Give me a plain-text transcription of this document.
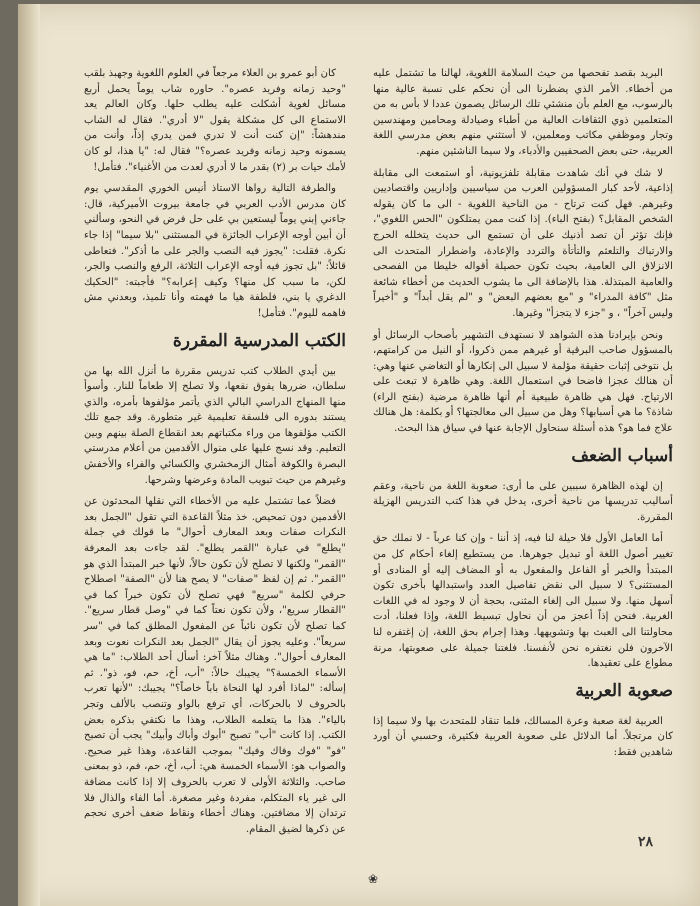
البريد بقصد تفحصها من حيث السلامة اللغوية، لهالنا ما تشتمل عليه من أخطاء. الأمر الذي يضطرنا الى أن نحكم على نسبة عالية منها بالرسوب، مع العلم بأن منشئي تلك الرسائل يصمون عددا لا بأس به من المتعلمين ذوي الثقافات العالية من أطباء وصيادلة ومحامين ومهندسين وتجار وموظفي مكاتب ومعلمين، لا أستثني منهم بعض مدرسي اللغة العربية، حتى بعض الصحفيين والأدباء، ولا سيما الناشئين منهم.

لا شك في أنك شاهدت مقابلة تلفزيونية، أو استمعت الى مقابلة إذاعية، لأحد كبار المسؤولين العرب من سياسيين وإداريين واقتصاديين وغيرهم. فهل كنت ترتاح - من الناحية اللغوية - الى ما كان يقوله الشخص المقابل؟ (بفتح الباء). إذا كنت ممن يمتلكون "الحس اللغوي"، فإنك تؤثر أن تصد أذنيك على أن تستمع الى حديث يتخلله الحرج والارتباك والتلعثم والتأتأة والتردد والإعادة، واضطرار المتحدث الى الانزلاق الى العامية، بحيث تكون حصيلة أقواله خليطا من الفصحى والعامية المبتذلة. هذا بالإضافة الى ما يشوب الحديث من أخطاء شائعة مثل "كافة المدراء" و "مع بعضهم البعض" و "لم يقل أبداً" و "أخيراً وليس آخراً" ، و "جزء لا يتجزأ" وغيرها.

ونحن بإيرادنا هذه الشواهد لا نستهدف التشهير بأصحاب الرسائل أو بالمسؤول صاحب البرقية أو غيرهم ممن ذكروا، أو النيل من كرامتهم، بل نتوخى إثبات حقيقة مؤلمة لا سبيل الى إنكارها أو التغاضي عنها وهي: أن هنالك عجزا فاضحا في استعمال اللغة. وهي ظاهرة لا تبعث على الارتياح. فهل هي ظاهرة طبيعية أم أنها ظاهرة مرضية (بفتح الراء) شاذة؟ ما هي أسبابها؟ وهل من سبيل الى معالجتها؟ أو بكلمة: هل هنالك علاج فما هو؟ هذه أسئلة سنحاول الإجابة عنها في سياق هذا البحث.

أسباب الضعف

إن لهذه الظاهرة سببين على ما أرى: صعوبة اللغة من ناحية، وعقم أساليب تدريسها من ناحية أخرى، يدخل في هذا كتب التدريس الهزيلة المقررة.

أما العامل الأول فلا حيلة لنا فيه، إذ أننا - وإن كنا عرباً - لا نملك حق تغيير أصول اللغة أو تبديل جوهرها. من يستطيع إلغاء أحكام كل من المبتدأ والخبر أو الفاعل والمفعول به أو المضاف إليه أو المنادى أو المستثنى؟ لا سبيل الى نقض تفاصيل العدد واستبدالها بأخرى تكون أسهل منها. ولا سبيل الى إلغاء المثنى، بحجة أن لا وجود له في اللغات الغربية. فنحن إذاً أعجز من أن نحاول تبسيط اللغة، وإذا فعلنا، أدت محاولتنا الى العبث بها وتشويهها. وهذا إجرام بحق اللغة، إن إغتفره لنا الآخرون فلن نغتفره نحن لأنفسنا. فلغتنا جميلة على صعوبتها، مرنة مطواع على تعقيدها.

صعوبة العربية

العربية لغة صعبة وعرة المسالك، فلما تنقاد للمتحدث بها ولا سيما إذا كان مرتجلاً. أما الدلائل على صعوبة العربية فكثيرة، وحسبي أن أورد شاهدين فقط:

كان أبو عمرو بن العلاء مرجعاً في العلوم اللغوية وجهبذ بلقب "وحيد زمانه وفريد عصره". حاوره شاب يوماً يحمل أربع مسائل لغوية أشكلت عليه يطلب حلها. وكان العالم يعد الاستماع الى كل مشكلة يقول "لا أدري". فقال له الشاب مندهشاً: "إن كنت أنت لا تدري فمن يدري إذاً، وأنت من يسمونه وحيد زمانه وفريد عصره؟" فقال له: "يا هذا، لو كان لأمك حيات بر (٢) بقدر ما لا أدري لعدت من الأغنياء". فتأمل!

والطرفة التالية رواها الاستاذ أنيس الخوري المقدسي يوم كان مدرس الأدب العربي في جامعة بيروت الأميركية، قال: جاءني إبني يوماً ليستعين بي على حل فرض في النحو، وسألني أن أبين أوجه الإعراب الجائزة في المستثنى "بلا سيما" إذا جاء نكرة. فقلت: "يجوز فيه النصب والجر على ما أذكر". فتعاطى قائلاً: "بل تجوز فيه أوجه الإعراب الثلاثة، الرفع والنصب والجر، لكن، ما سبب كل منها؟ وكيف إعرابه؟" فأجبته: "الحكيك الدغري يا بني، فلطفة هيا ما فهمته وأنا تلميذ، وبعدني مش فاهمه لليوم". فتأمل!

الكتب المدرسية المقررة

بين أيدي الطلاب كتب تدريس مقررة ما أنزل الله بها من سلطان، ضررها يفوق نفعها، ولا تصلح إلا طعاماً للنار. وأسوأ منها المنهاج الدراسي البالي الذي يأتمر مؤلفوها بأمره، والذي يستند بدوره الى فلسفة تعليمية غير متطورة. وقد جمع تلك الكتب مؤلفوها من وراء مكتباتهم بعد انقطاع الصلة بينهم وبين التعليم. وقد نسج عليها على منوال الأقدمين من أعلام مدرستي البصرة والكوفة أمثال الزمخشري والكسائي والفراء والأخفش وغيرهم من حيث تبويب المادة وعرضها وشرحها.

فضلاً عما تشتمل عليه من الأخطاء التي نقلها المحدثون عن الأقدمين دون تمحيص. خذ مثلاً القاعدة التي تقول "الجمل بعد النكرات صفات وبعد المعارف أحوال" ما قولك في جملة "يطلع" في عبارة "القمر يطلع". لقد جاءت بعد المعرفة "القمر" ولكنها لا تصلح لأن تكون حالاً، لأنها خبر المبتدأ الذي هو "القمر". ثم إن لفظ "صفات" لا يصح هنا لأن "الصفة" اصطلاح حرفي لكلمة "سريع" فهي تصلح لأن تكون خبراً كما في "القطار سريع"، ولأن تكون نعتاً كما في "وصل قطار سريع". كما تصلح لأن تكون نائباً عن المفعول المطلق كما في "سر سريعاً". وعليه يجوز أن يقال "الجمل بعد النكرات نعوت وبعد المعارف أحوال". وهناك مثلاً آخر: أسأل أحد الطلاب: "ما هي الأسماء الخمسة؟" يجيبك حالاً: "أب، أخ، حم، فو، ذو". ثم إسأله: "لماذا أفرد لها النحاة باباً خاصاً؟" يجيبك: "لأنها تعرب بالحروف لا بالحركات، أي ترفع بالواو وتنصب بالألف وتجر بالياء". هذا ما يتعلمه الطلاب، وهذا ما نكتفي بذكره بعض الكتب. إذا كانت "أب" تصبح "أبوك وأباك وأبيك" يجب أن تصبح "فو" "فوك وفاك وفيك" بموجب القاعدة، وهذا غير صحيح. والصواب هو: الأسماء الخمسة هي: أب، أخ، حم، فم، ذو بمعنى صاحب. والثلاثة الأولى لا تعرب بالحروف إلا إذا كانت مضافة الى غير ياء المتكلم، مفردة وغير مصغرة. أما الفاء والذال فلا ترتدان إلا مضافتين. وهناك أخطاء ونقاط ضعف أخرى نحجم عن ذكرها لضيق المقام.

٢٨
❀
